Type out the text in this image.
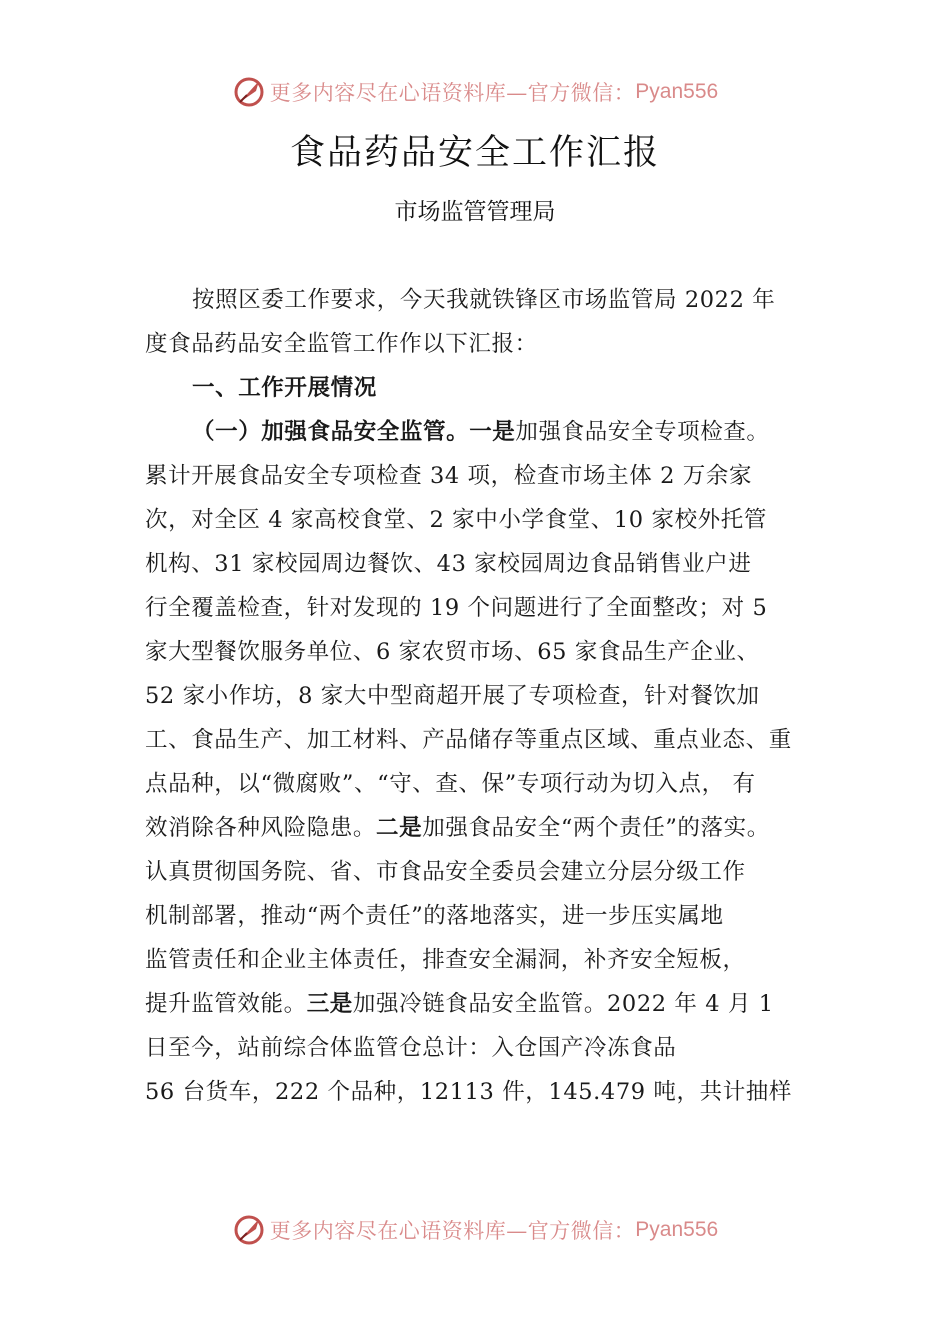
更多内容尽在心语资料库—官方微信： Pyan556
食品药品安全工作汇报
市场监管管理局
按照区委工作要求，今天我就铁锋区市场监管局 2022 年
度食品药品安全监管工作作以下汇报：
一、工作开展情况
（一）加强食品安全监管。一是加强食品安全专项检查。
累计开展食品安全专项检查 34 项，检查市场主体 2 万余家
次，对全区 4 家高校食堂、2 家中小学食堂、10 家校外托管
机构、31 家校园周边餐饮、43 家校园周边食品销售业户进
行全覆盖检查，针对发现的 19 个问题进行了全面整改；对 5
家大型餐饮服务单位、6 家农贸市场、65 家食品生产企业、
52 家小作坊，8 家大中型商超开展了专项检查，针对餐饮加
工、食品生产、加工材料、产品储存等重点区域、重点业态、重
点品种，以“微腐败”、“守、查、保”专项行动为切入点， 有
效消除各种风险隐患。二是加强食品安全“两个责任”的落实。
认真贯彻国务院、省、市食品安全委员会建立分层分级工作
机制部署，推动“两个责任”的落地落实，进一步压实属地
监管责任和企业主体责任，排查安全漏洞，补齐安全短板，
提升监管效能。三是加强冷链食品安全监管。2022 年 4 月 1
日至今，站前综合体监管仓总计：入仓国产冷冻食品
56 台货车，222 个品种，12113 件，145.479 吨，共计抽样
更多内容尽在心语资料库—官方微信： Pyan556
